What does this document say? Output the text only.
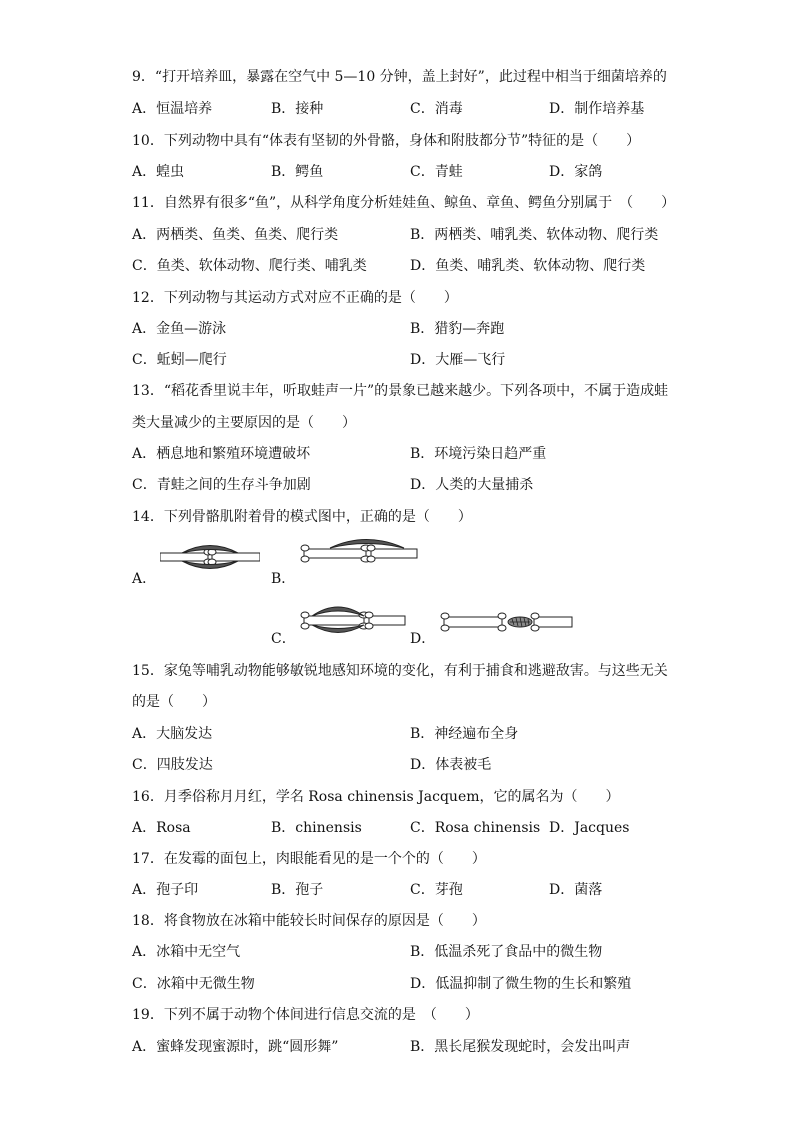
9．“打开培养皿，暴露在空气中 5—10 分钟，盖上封好”，此过程中相当于细菌培养的
A．恒温培养	B．接种	C．消毒	D．制作培养基
10．下列动物中具有“体表有坚韧的外骨骼，身体和附肢都分节”特征的是（　　）
A．蝗虫	B．鳄鱼	C．青蛙	D．家鸽
11．自然界有很多“鱼”，从科学角度分析娃娃鱼、鲸鱼、章鱼、鳄鱼分别属于　（　　）
A．两栖类、鱼类、鱼类、爬行类	B．两栖类、哺乳类、软体动物、爬行类
C．鱼类、软体动物、爬行类、哺乳类	D．鱼类、哺乳类、软体动物、爬行类
12．下列动物与其运动方式对应不正确的是（　　）
A．金鱼—游泳	B．猎豹—奔跑
C．蚯蚓—爬行	D．大雁—飞行
13．“稻花香里说丰年，听取蛙声一片”的景象已越来越少。下列各项中，不属于造成蛙
类大量减少的主要原因的是（　　）
A．栖息地和繁殖环境遭破坏	B．环境污染日趋严重
C．青蛙之间的生存斗争加剧	D．人类的大量捕杀
14．下列骨骼肌附着骨的模式图中，正确的是（　　）
A．	B．
C．	D．
15．家兔等哺乳动物能够敏锐地感知环境的变化，有利于捕食和逃避敌害。与这些无关
的是（　　）
A．大脑发达	B．神经遍布全身
C．四肢发达	D．体表被毛
16．月季俗称月月红，学名 Rosa chinensis Jacquem，它的属名为（　　）
A．Rosa	B．chinensis	C．Rosa chinensis D．Jacques
17．在发霉的面包上，肉眼能看见的是一个个的（　　）
A．孢子印	B．孢子	C．芽孢	D．菌落
18．将食物放在冰箱中能较长时间保存的原因是（　　）
A．冰箱中无空气	B．低温杀死了食品中的微生物
C．冰箱中无微生物	D．低温抑制了微生物的生长和繁殖
19．下列不属于动物个体间进行信息交流的是　（　　）
A．蜜蜂发现蜜源时，跳“圆形舞”	B．黑长尾猴发现蛇时，会发出叫声
